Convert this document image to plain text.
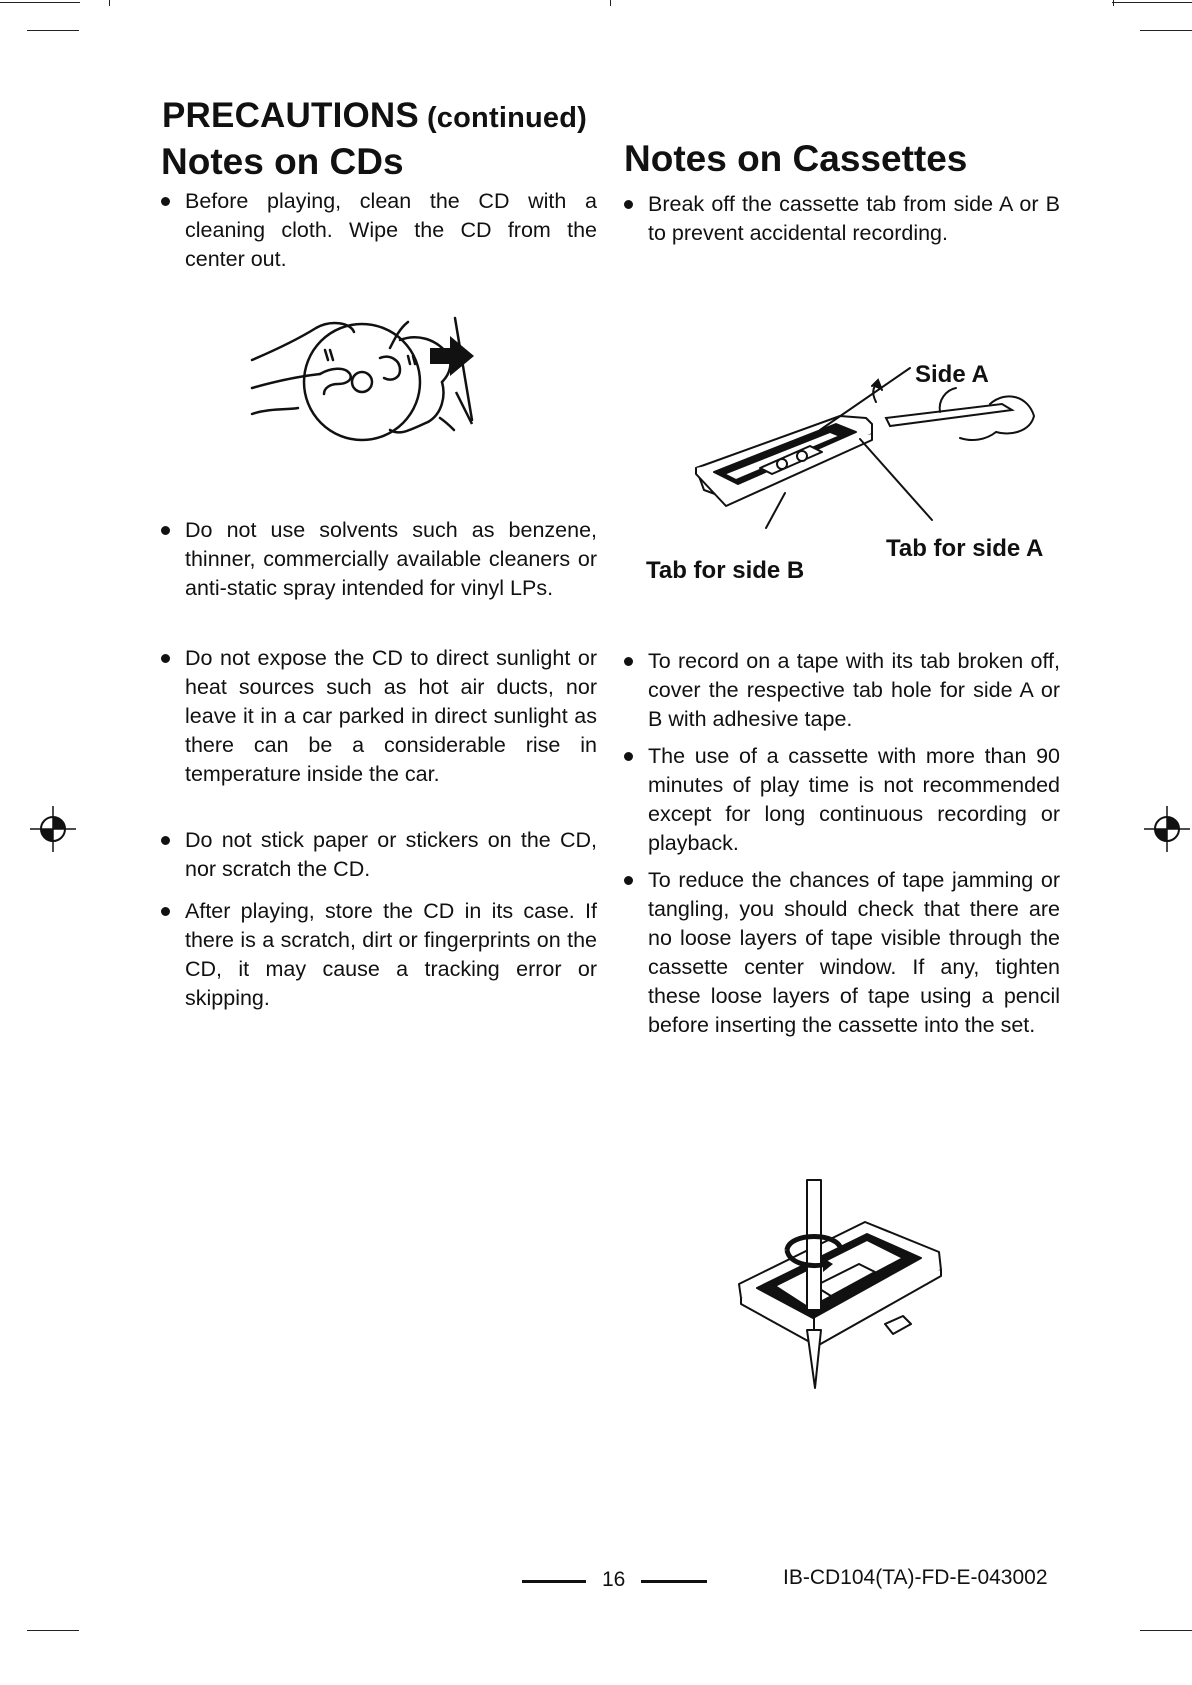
PRECAUTIONS (continued)
Notes on CDs
Before playing, clean the CD with a cleaning cloth. Wipe the CD from the center out.
Do not use solvents such as benzene, thinner, commercially available cleaners or anti-static spray intended for vinyl LPs.
Do not expose the CD to direct sunlight or heat sources such as hot air ducts, nor leave it in a car parked in direct sunlight as there can be a considerable rise in temperature inside the car.
Do not stick paper or stickers on the CD, nor scratch the CD.
After playing, store the CD in its case. If there is a scratch, dirt or fingerprints on the CD, it may cause a tracking error or skipping.
Notes on Cassettes
Break off the cassette tab from side A or B to prevent accidental recording.
Side A
Tab for side A
Tab for side B
To record on a tape with its tab broken off, cover the respective tab hole for side A or B with adhesive tape.
The use of a cassette with more than 90 minutes of play time is not recommended except for long continuous recording or playback.
To reduce the chances of tape jamming or tangling, you should check that there are no loose layers of tape visible through the cassette center window. If any, tighten these loose layers of tape using a pencil before inserting the cassette into the set.
16	IB-CD104(TA)-FD-E-043002
